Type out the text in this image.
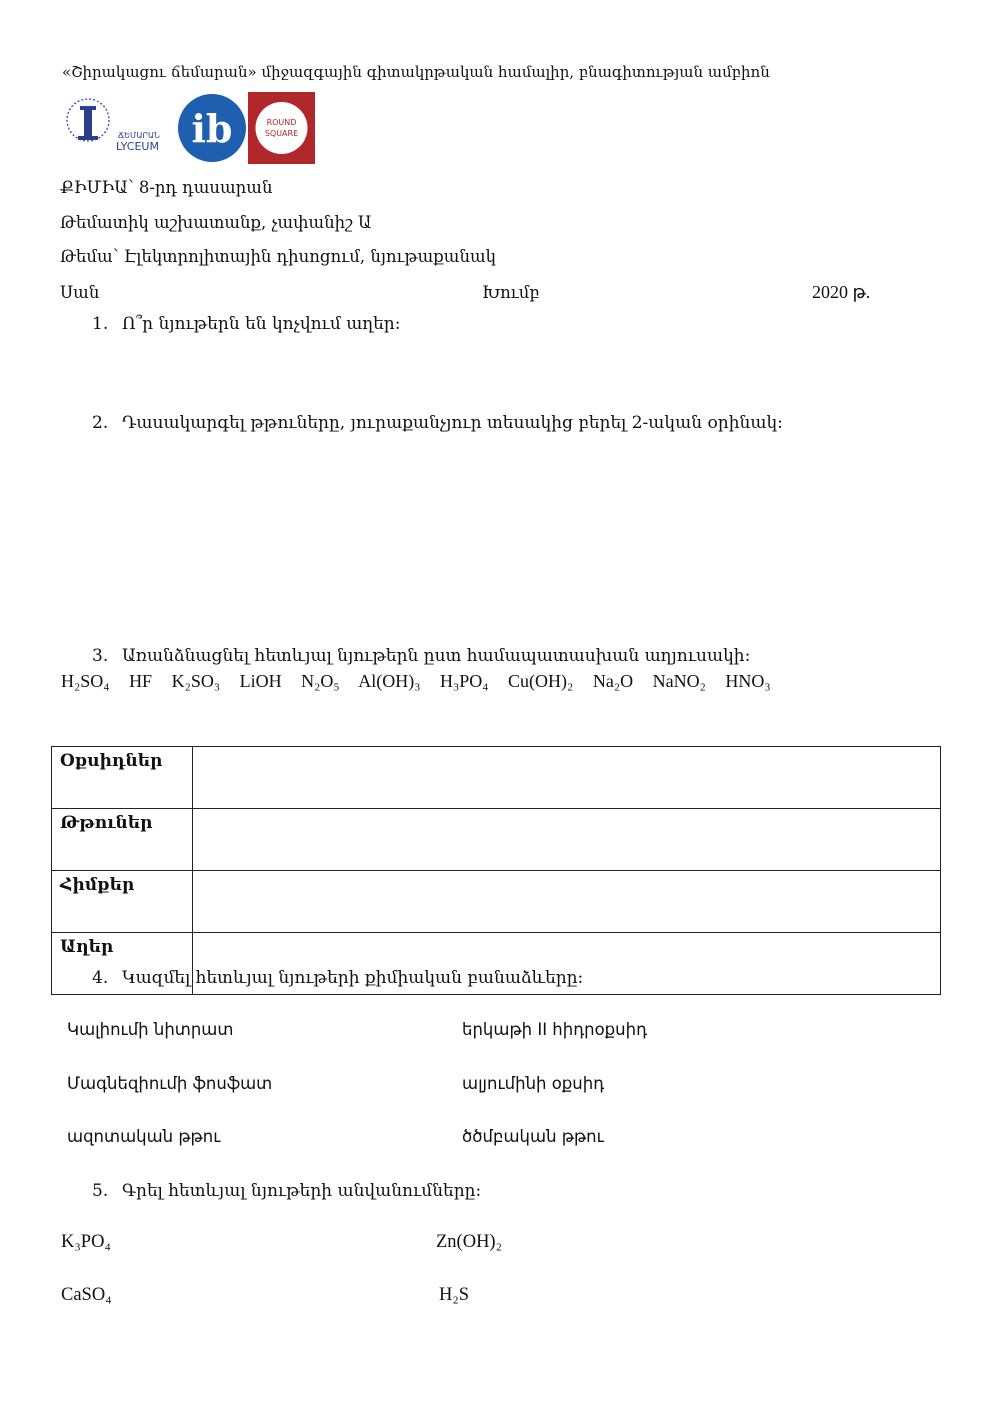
«Շիրակացու ճեմարան» միջազգային գիտակրթական համալիր, բնագիտության ամբիոն
ՃԵՄԱՐԱՆ
LYCEUM ib	ROUND
SQUARE
ՔԻՄԻԱ՝ 8-րդ դասարան
Թեմատիկ աշխատանք, չափանիշ Ա
Թեմա՝ Էլեկտրոլիտային դիսոցում, նյութաքանակ
Սան	Խումբ	2020 թ.
1. Ո՞ր նյութերն են կոչվում աղեր:
2. Դասակարգել թթուները, յուրաքանչյուր տեսակից բերել 2-ական օրինակ:
3. Առանձնացնել հետևյալ նյութերն ըստ համապատասխան աղյուսակի:
H₂SO₄ HF K₂SO₃ LiOH N₂O₅ Al(OH)₃ H₃PO₄ Cu(OH)₂ Na₂O NaNO₂ HNO₃
Օքսիդներ	
Թթուներ	
Հիմքեր	
Աղեր	
4. Կազմել հետևյալ նյութերի քիմիական բանաձևերը:
Կալիումի նիտրատ	երկաթի II հիդրօքսիդ
Մագնեզիումի ֆոսֆատ	ալյումինի օքսիդ
ազոտական թթու	ծծմբական թթու
5. Գրել հետևյալ նյութերի անվանումները:
K₃PO₄	Zn(OH)₂
CaSO₄	H₂S
